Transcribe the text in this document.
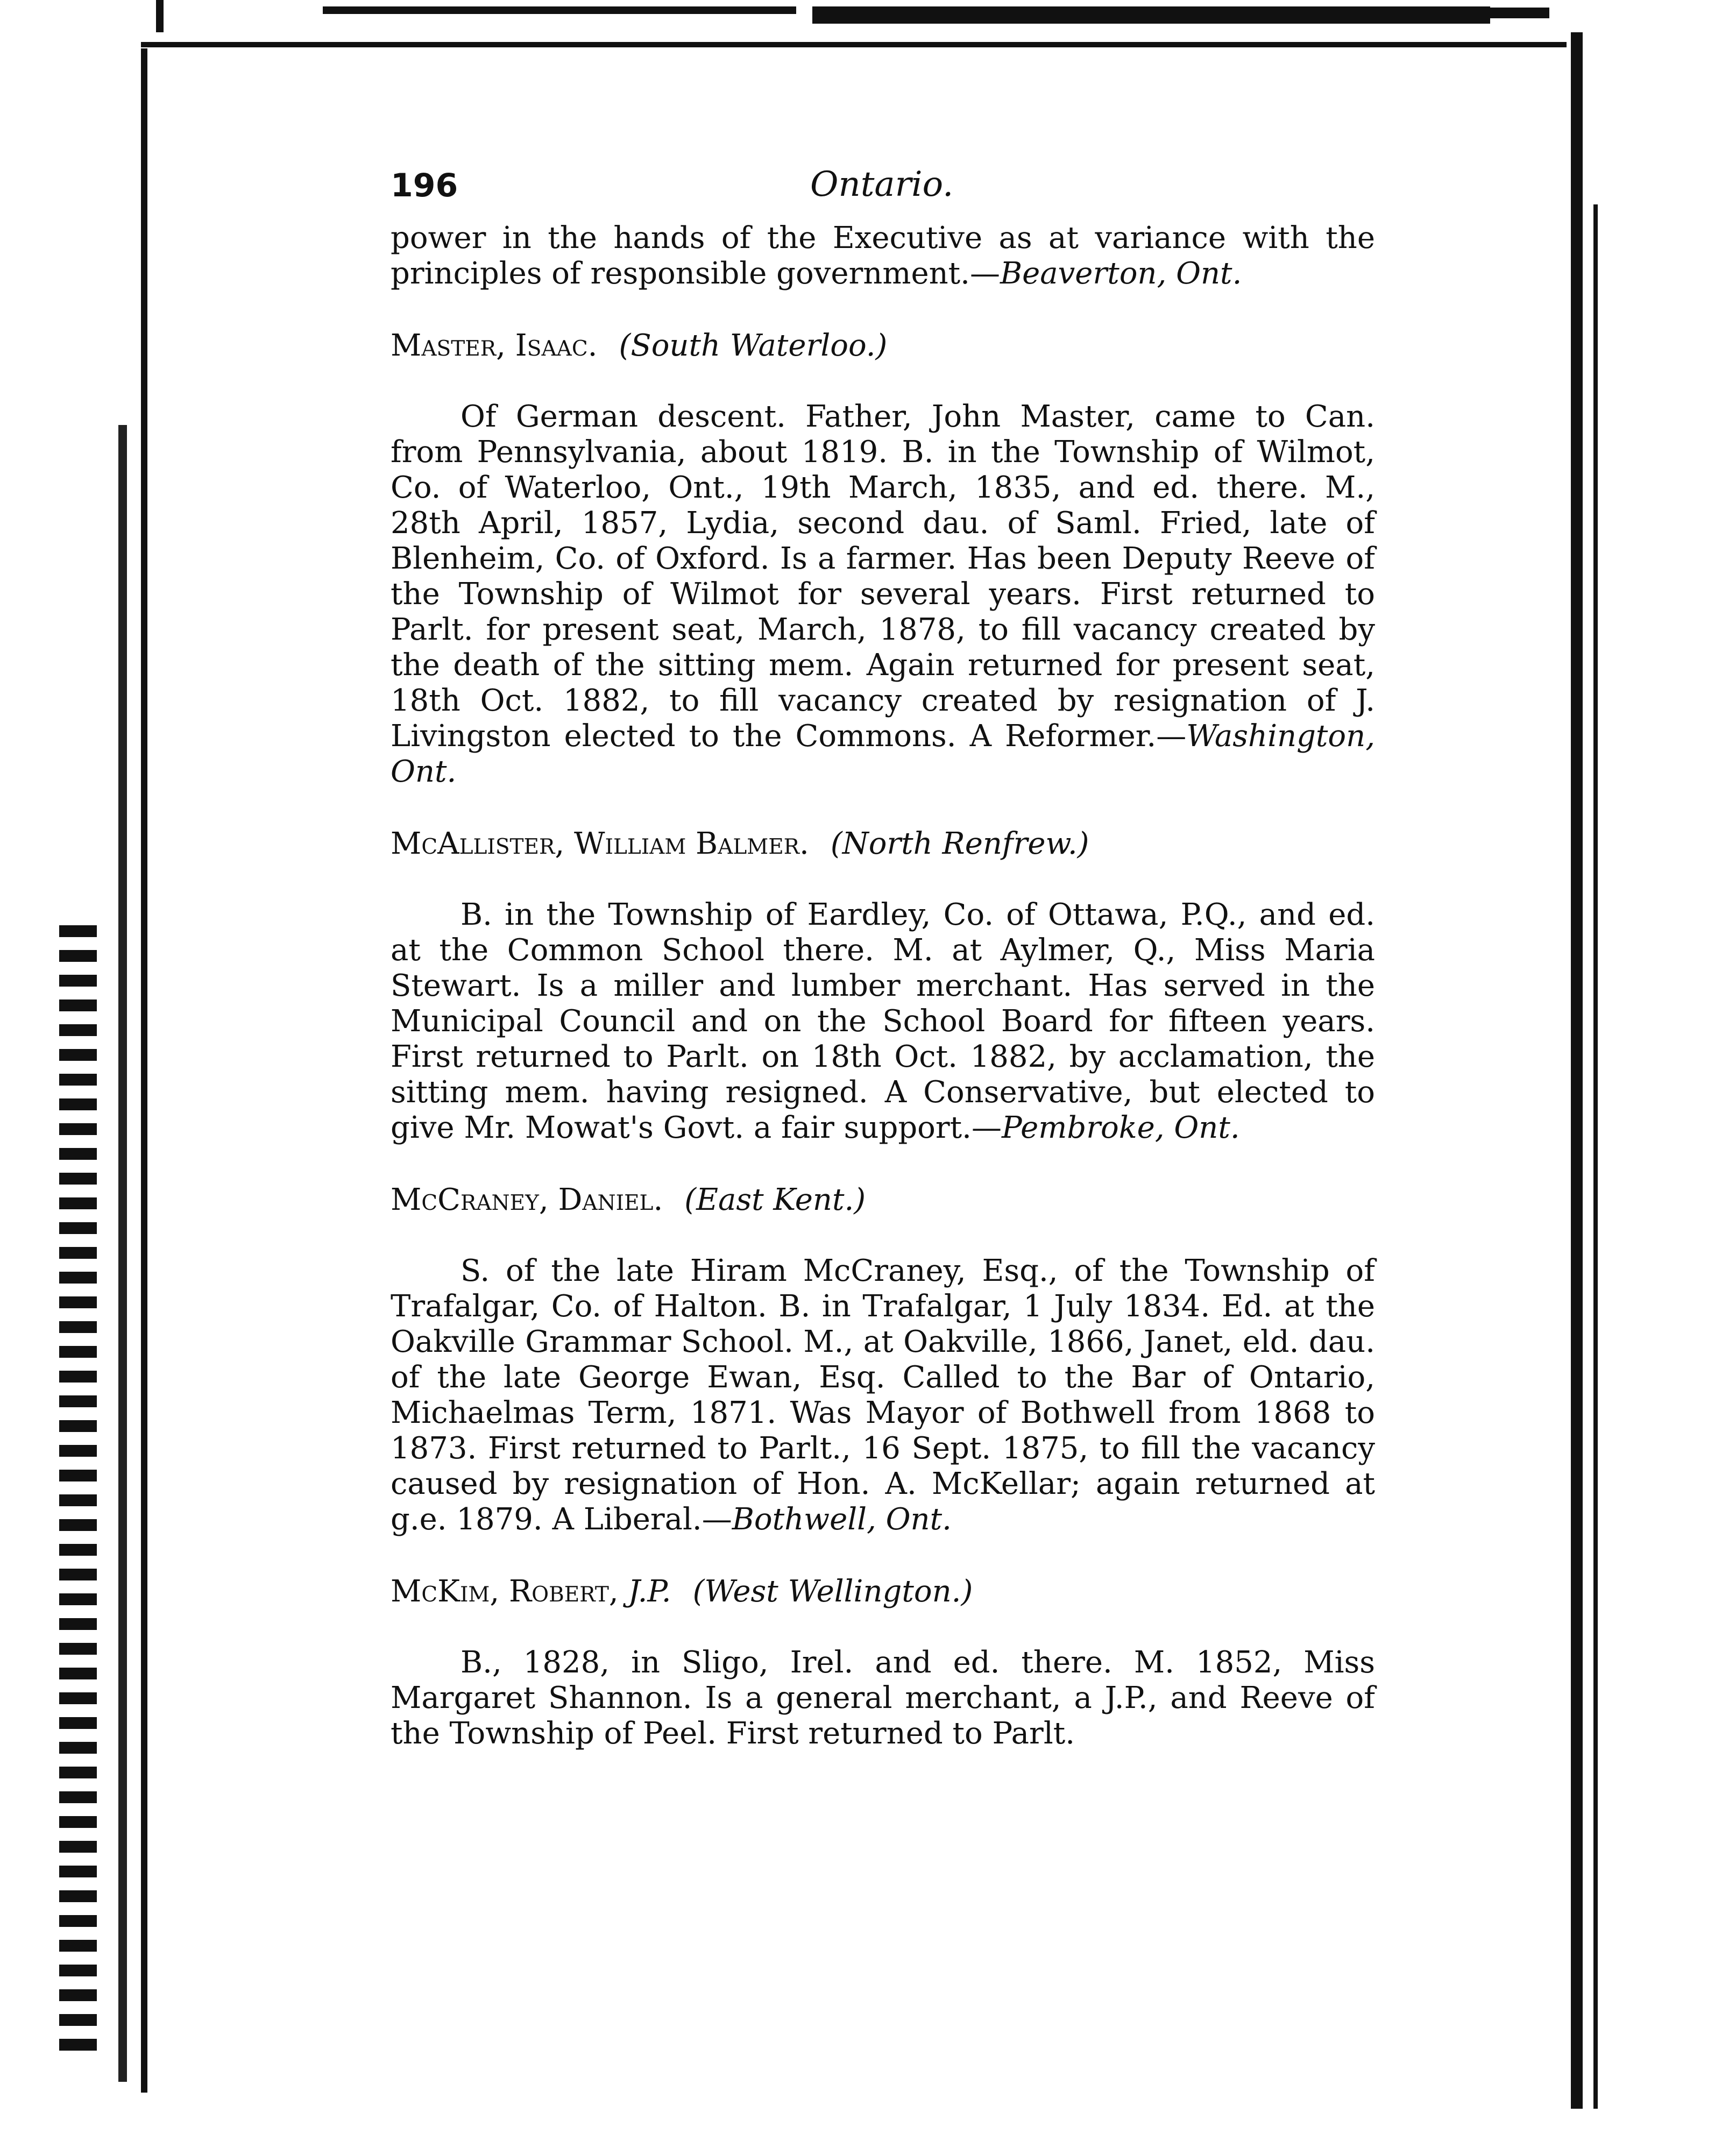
196	Ontario.

power in the hands of the Executive as at variance with the principles of responsible government.—Beaverton, Ont.

Master, Isaac. (South Waterloo.)

Of German descent. Father, John Master, came to Can. from Pennsylvania, about 1819. B. in the Township of Wilmot, Co. of Waterloo, Ont., 19th March, 1835, and ed. there. M., 28th April, 1857, Lydia, second dau. of Saml. Fried, late of Blenheim, Co. of Oxford. Is a farmer. Has been Deputy Reeve of the Township of Wilmot for several years. First returned to Parlt. for present seat, March, 1878, to fill vacancy created by the death of the sitting mem. Again returned for present seat, 18th Oct. 1882, to fill vacancy created by resignation of J. Livingston elected to the Commons. A Reformer.—Washington, Ont.

McAllister, William Balmer. (North Renfrew.)

B. in the Township of Eardley, Co. of Ottawa, P.Q., and ed. at the Common School there. M. at Aylmer, Q., Miss Maria Stewart. Is a miller and lumber merchant. Has served in the Municipal Council and on the School Board for fifteen years. First returned to Parlt. on 18th Oct. 1882, by acclamation, the sitting mem. having resigned. A Conservative, but elected to give Mr. Mowat's Govt. a fair support.—Pembroke, Ont.

McCraney, Daniel. (East Kent.)

S. of the late Hiram McCraney, Esq., of the Township of Trafalgar, Co. of Halton. B. in Trafalgar, 1 July 1834. Ed. at the Oakville Grammar School. M., at Oakville, 1866, Janet, eld. dau. of the late George Ewan, Esq. Called to the Bar of Ontario, Michaelmas Term, 1871. Was Mayor of Bothwell from 1868 to 1873. First returned to Parlt., 16 Sept. 1875, to fill the vacancy caused by resignation of Hon. A. McKellar; again returned at g.e. 1879. A Liberal.—Bothwell, Ont.

McKim, Robert, J.P. (West Wellington.)

B., 1828, in Sligo, Irel. and ed. there. M. 1852, Miss Margaret Shannon. Is a general merchant, a J.P., and Reeve of the Township of Peel. First returned to Parlt.
